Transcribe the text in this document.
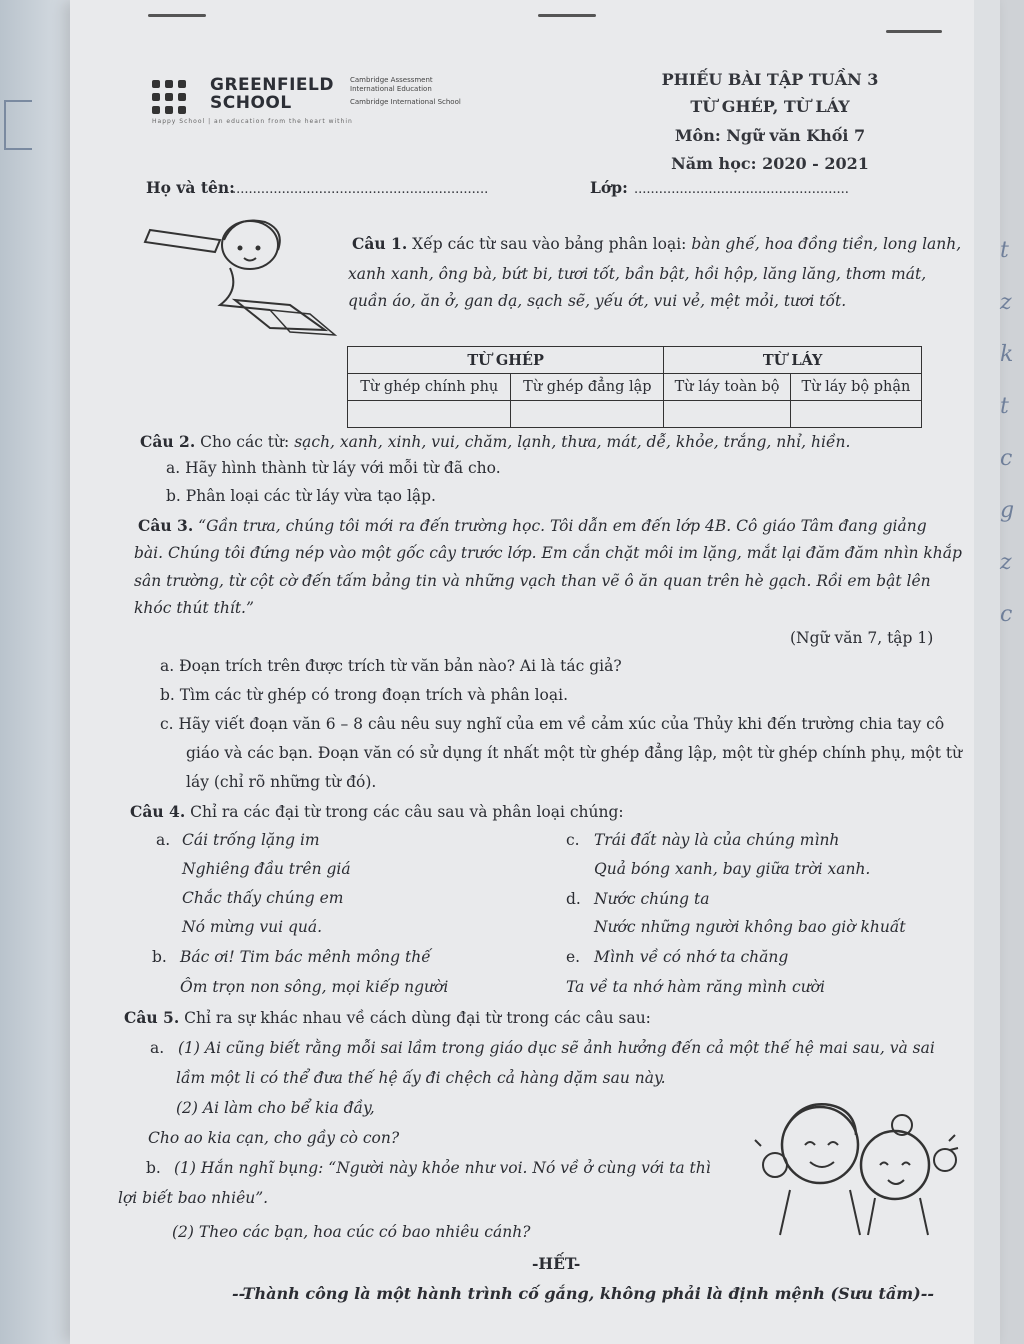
t
z
k
t
c
g
z
c
GREENFIELD
SCHOOL
Cambridge Assessment
International Education
Cambridge International School
Happy School | an education from the heart within
PHIẾU BÀI TẬP TUẦN 3
TỪ GHÉP, TỪ LÁY
Môn: Ngữ văn Khối 7
Năm học: 2020 - 2021
Họ và tên:
..............................................................	Lớp: ....................................................
Câu 1. Xếp các từ sau vào bảng phân loại: bàn ghế, hoa đồng tiền, long lanh,
xanh xanh, ông bà, bứt bi, tươi tốt, bần bật, hồi hộp, lăng lăng, thơm mát,
quần áo, ăn ở, gan dạ, sạch sẽ, yếu ớt, vui vẻ, mệt mỏi, tươi tốt.
TỪ GHÉP		TỪ LÁY	
Từ ghép chính phụ	Từ ghép đẳng lập	Từ láy toàn bộ	Từ láy bộ phận

Câu 2. Cho các từ: sạch, xanh, xinh, vui, chăm, lạnh, thưa, mát, dễ, khỏe, trắng, nhỉ, hiền.
a. Hãy hình thành từ láy với mỗi từ đã cho.
b. Phân loại các từ láy vừa tạo lập.
Câu 3. “Gần trưa, chúng tôi mới ra đến trường học. Tôi dẫn em đến lớp 4B. Cô giáo Tâm đang giảng
bài. Chúng tôi đứng nép vào một gốc cây trước lớp. Em cắn chặt môi im lặng, mắt lại đăm đăm nhìn khắp
sân trường, từ cột cờ đến tấm bảng tin và những vạch than vẽ ô ăn quan trên hè gạch. Rồi em bật lên
khóc thút thít.”
(Ngữ văn 7, tập 1)
a. Đoạn trích trên được trích từ văn bản nào? Ai là tác giả?
b. Tìm các từ ghép có trong đoạn trích và phân loại.
c. Hãy viết đoạn văn 6 – 8 câu nêu suy nghĩ của em về cảm xúc của Thủy khi đến trường chia tay cô
giáo và các bạn. Đoạn văn có sử dụng ít nhất một từ ghép đẳng lập, một từ ghép chính phụ, một từ
láy (chỉ rõ những từ đó).
Câu 4. Chỉ ra các đại từ trong các câu sau và phân loại chúng:
a. Cái trống lặng im
Nghiêng đầu trên giá
Chắc thấy chúng em
Nó mừng vui quá.
b. Bác ơi! Tim bác mênh mông thế
Ôm trọn non sông, mọi kiếp người
c. Trái đất này là của chúng mình
Quả bóng xanh, bay giữa trời xanh.
d. Nước chúng ta
Nước những người không bao giờ khuất
e. Mình về có nhớ ta chăng
Ta về ta nhớ hàm răng mình cười
Câu 5. Chỉ ra sự khác nhau về cách dùng đại từ trong các câu sau:
a. (1) Ai cũng biết rằng mỗi sai lầm trong giáo dục sẽ ảnh hưởng đến cả một thế hệ mai sau, và sai
lầm một li có thể đưa thế hệ ấy đi chệch cả hàng dặm sau này.
(2) Ai làm cho bể kia đầy,
Cho ao kia cạn, cho gầy cò con?
b. (1) Hắn nghĩ bụng: “Người này khỏe như voi. Nó về ở cùng với ta thì
lợi biết bao nhiêu”.
(2) Theo các bạn, hoa cúc có bao nhiêu cánh?
-HẾT-
--Thành công là một hành trình cố gắng, không phải là định mệnh (Sưu tầm)--
